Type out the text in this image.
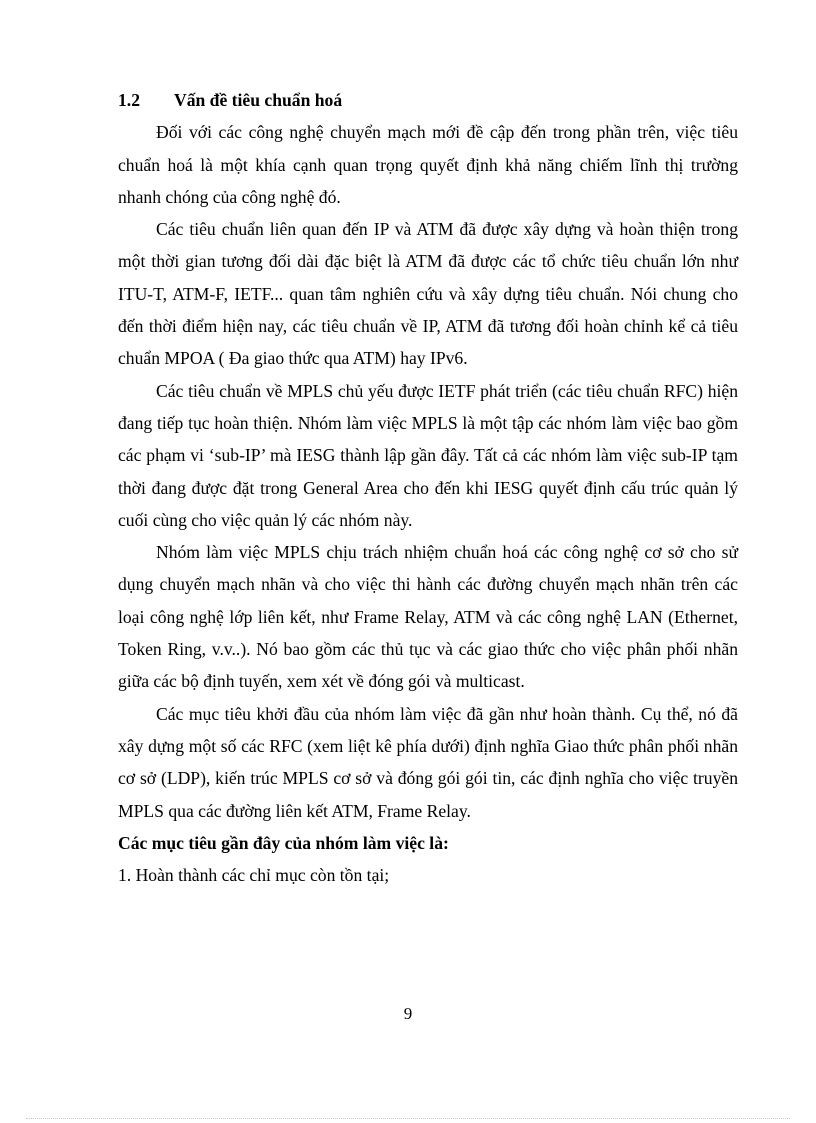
1.2	Vấn đề tiêu chuẩn hoá

Đối với các công nghệ chuyển mạch mới đề cập đến trong phần trên, việc tiêu chuẩn hoá là một khía cạnh quan trọng quyết định khả năng chiếm lĩnh thị trường nhanh chóng của công nghệ đó.

Các tiêu chuẩn liên quan đến IP và ATM đã được xây dựng và hoàn thiện trong một thời gian tương đối dài đặc biệt là ATM đã được các tổ chức tiêu chuẩn lớn như ITU-T, ATM-F, IETF... quan tâm nghiên cứu và xây dựng tiêu chuẩn. Nói chung cho đến thời điểm hiện nay, các tiêu chuẩn về IP, ATM đã tương đối hoàn chỉnh kể cả tiêu chuẩn MPOA ( Đa giao thức qua ATM) hay IPv6.

Các tiêu chuẩn về MPLS chủ yếu được IETF phát triển (các tiêu chuẩn RFC) hiện đang tiếp tục hoàn thiện. Nhóm làm việc MPLS là một tập các nhóm làm việc bao gồm các phạm vi ‘sub-IP’ mà IESG thành lập gần đây. Tất cả các nhóm làm việc sub-IP tạm thời đang được đặt trong General Area cho đến khi IESG quyết định cấu trúc quản lý cuối cùng cho việc quản lý các nhóm này.

Nhóm làm việc MPLS chịu trách nhiệm chuẩn hoá các công nghệ cơ sở cho sử dụng chuyển mạch nhãn và cho việc thi hành các đường chuyển mạch nhãn trên các loại công nghệ lớp liên kết, như Frame Relay, ATM và các công nghệ LAN (Ethernet, Token Ring, v.v..). Nó bao gồm các thủ tục và các giao thức cho việc phân phối nhãn giữa các bộ định tuyến, xem xét về đóng gói và multicast.

Các mục tiêu khởi đầu của nhóm làm việc đã gần như hoàn thành. Cụ thể, nó đã xây dựng một số các RFC (xem liệt kê phía dưới) định nghĩa Giao thức phân phối nhãn cơ sở (LDP), kiến trúc MPLS cơ sở và đóng gói gói tin, các định nghĩa cho việc truyền MPLS qua các đường liên kết ATM, Frame Relay.

Các mục tiêu gần đây của nhóm làm việc là:

1. Hoàn thành các chỉ mục còn tồn tại;

9
